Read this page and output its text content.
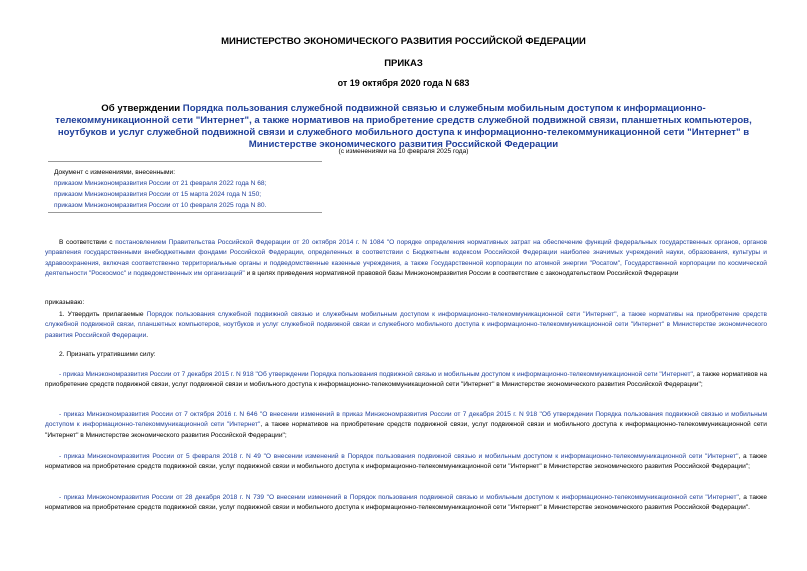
МИНИСТЕРСТВО ЭКОНОМИЧЕСКОГО РАЗВИТИЯ РОССИЙСКОЙ ФЕДЕРАЦИИ
ПРИКАЗ
от 19 октября 2020 года N 683
Об утверждении Порядка пользования служебной подвижной связью и служебным мобильным доступом к информационно-телекоммуникационной сети "Интернет", а также нормативов на приобретение средств служебной подвижной связи, планшетных компьютеров, ноутбуков и услуг служебной подвижной связи и служебного мобильного доступа к информационно-телекоммуникационной сети "Интернет" в Министерстве экономического развития Российской Федерации
(с изменениями на 10 февраля 2025 года)
Документ с изменениями, внесенными:
приказом Минэкономразвития России от 21 февраля 2022 года N 68;
приказом Минэкономразвития России от 15 марта 2024 года N 150;
приказом Минэкономразвития России от 10 февраля 2025 года N 80.
В соответствии с постановлением Правительства Российской Федерации от 20 октября 2014 г. N 1084 "О порядке определения нормативных затрат на обеспечение функций федеральных государственных органов, органов управления государственными внебюджетными фондами Российской Федерации, определенных в соответствии с Бюджетным кодексом Российской Федерации наиболее значимых учреждений науки, образования, культуры и здравоохранения, включая соответственно территориальные органы и подведомственные казенные учреждения, а также Государственной корпорации по атомной энергии "Росатом", Государственной корпорации по космической деятельности "Роскосмос" и подведомственных им организаций" и в целях приведения нормативной правовой базы Минэкономразвития России в соответствие с законодательством Российской Федерации
приказываю:
1. Утвердить прилагаемые Порядок пользования служебной подвижной связью и служебным мобильным доступом к информационно-телекоммуникационной сети "Интернет", а также нормативы на приобретение средств служебной подвижной связи, планшетных компьютеров, ноутбуков и услуг служебной подвижной связи и служебного мобильного доступа к информационно-телекоммуникационной сети "Интернет" в Министерстве экономического развития Российской Федерации.
2. Признать утратившими силу:
- приказ Минэкономразвития России от 7 декабря 2015 г. N 918 "Об утверждении Порядка пользования подвижной связью и мобильным доступом к информационно-телекоммуникационной сети "Интернет", а также нормативов на приобретение средств подвижной связи, услуг подвижной связи и мобильного доступа к информационно-телекоммуникационной сети "Интернет" в Министерстве экономического развития Российской Федерации";
- приказ Минэкономразвития России от 7 октября 2016 г. N 646 "О внесении изменений в приказ Минэкономразвития России от 7 декабря 2015 г. N 918 "Об утверждении Порядка пользования подвижной связью и мобильным доступом к информационно-телекоммуникационной сети "Интернет", а также нормативов на приобретение средств подвижной связи, услуг подвижной связи и мобильного доступа к информационно-телекоммуникационной сети "Интернет" в Министерстве экономического развития Российской Федерации";
- приказ Минэкономразвития России от 5 февраля 2018 г. N 49 "О внесении изменений в Порядок пользования подвижной связью и мобильным доступом к информационно-телекоммуникационной сети "Интернет", а также нормативов на приобретение средств подвижной связи, услуг подвижной связи и мобильного доступа к информационно-телекоммуникационной сети "Интернет" в Министерстве экономического развития Российской Федерации";
- приказ Минэкономразвития России от 28 декабря 2018 г. N 739 "О внесении изменений в Порядок пользования подвижной связью и мобильным доступом к информационно-телекоммуникационной сети "Интернет", а также нормативов на приобретение средств подвижной связи, услуг подвижной связи и мобильного доступа к информационно-телекоммуникационной сети "Интернет" в Министерстве экономического развития Российской Федерации".
